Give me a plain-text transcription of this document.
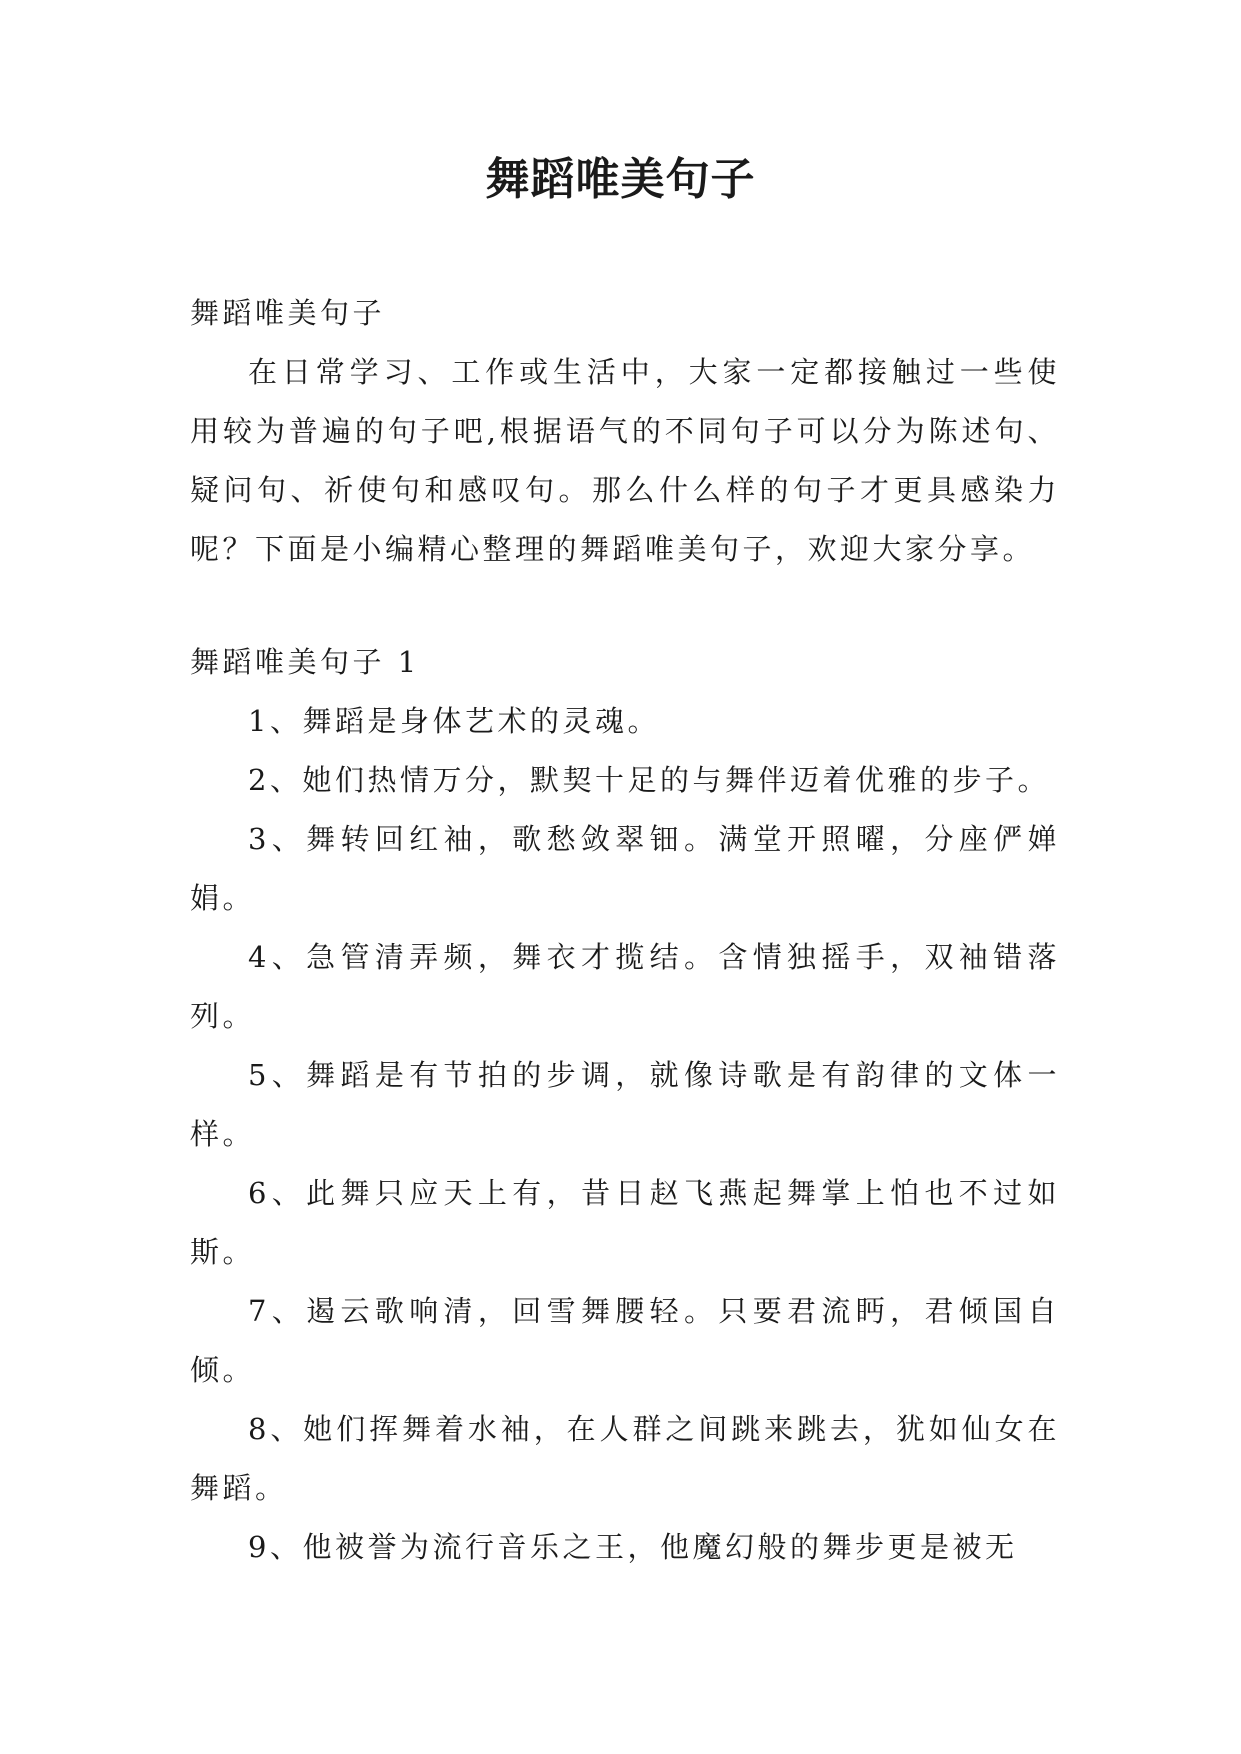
舞蹈唯美句子

舞蹈唯美句子

在日常学习、工作或生活中，大家一定都接触过一些使用较为普遍的句子吧,根据语气的不同句子可以分为陈述句、疑问句、祈使句和感叹句。那么什么样的句子才更具感染力呢？下面是小编精心整理的舞蹈唯美句子，欢迎大家分享。

舞蹈唯美句子 1

1、舞蹈是身体艺术的灵魂。

2、她们热情万分，默契十足的与舞伴迈着优雅的步子。

3、舞转回红袖，歌愁敛翠钿。满堂开照曜，分座俨婵娟。

4、急管清弄频，舞衣才揽结。含情独摇手，双袖错落列。

5、舞蹈是有节拍的步调，就像诗歌是有韵律的文体一样。

6、此舞只应天上有，昔日赵飞燕起舞掌上怕也不过如斯。

7、遏云歌响清，回雪舞腰轻。只要君流眄，君倾国自倾。

8、她们挥舞着水袖，在人群之间跳来跳去，犹如仙女在舞蹈。

9、他被誉为流行音乐之王，他魔幻般的舞步更是被无
